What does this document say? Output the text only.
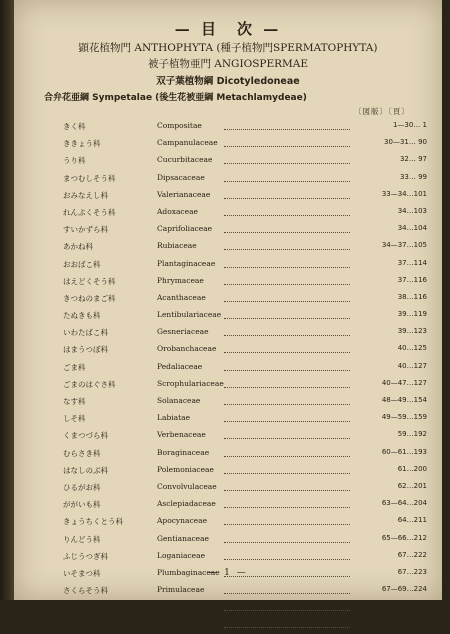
— 目　次 —
顕花植物門 ANTHOPHYTA (種子植物門SPERMATOPHYTA)
被子植物亜門 ANGIOSPERMAE
双子葉植物綱 Dicotyledoneae
合弁花亜綱 Sympetalae (後生花被亜綱 Metachlamydeae)
〔図版〕〔頁〕
きく科	Compositae	1—30… 1
ききょう科	Campanulaceae	30—31… 90
うり科	Cucurbitaceae	32… 97
まつむしそう科	Dipsacaceae	33… 99
おみなえし科	Valerianaceae	33—34…101
れんぷくそう科	Adoxaceae	34…103
すいかずら科	Caprifoliaceae	34…104
あかね科	Rubiaceae	34—37…105
おおばこ科	Plantaginaceae	37…114
はえどくそう科	Phrymaceae	37…116
きつねのまご科	Acanthaceae	38…116
たぬきも科	Lentibulariaceae	39…119
いわたばこ科	Gesneriaceae	39…123
はまうつぼ科	Orobanchaceae	40…125
ごま科	Pedaliaceae	40…127
ごまのはぐさ科	Scrophulariaceae	40—47…127
なす科	Solanaceae	48—49…154
しそ科	Labiatae	49—59…159
くまつづら科	Verbenaceae	59…192
むらさき科	Boraginaceae	60—61…193
はなしのぶ科	Polemoniaceae	61…200
ひるがお科	Convolvulaceae	62…201
ががいも科	Asclepiadaceae	63—64…204
きょうちくとう科	Apocynaceae	64…211
りんどう科	Gentianaceae	65—66…212
ふじうつぎ科	Loganiaceae	67…222
いそまつ科	Plumbaginaceae	67…223
さくらそう科	Primulaceae	67—69…224
いちやくそう科	Pirolaceae	70…234
いわうめ科	Diapensiaceae	70…239
— 1 —
